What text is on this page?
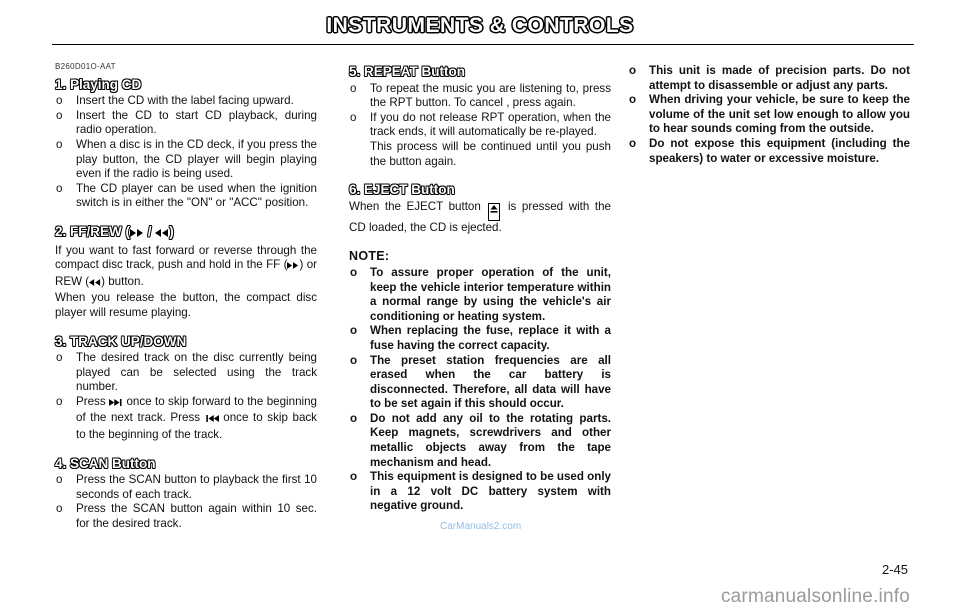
INSTRUMENTS & CONTROLS
B260D01O-AAT
1. Playing CD
o Insert the CD with the label facing upward.
o Insert the CD to start CD playback, during radio operation.
o When a disc is in the CD deck, if you press the play button, the CD player will begin playing even if the radio is being used.
o The CD player can be used when the ignition switch is in either the "ON" or "ACC" position.
2. FF/REW ( / )
If you want to fast forward or reverse through the compact disc track, push and hold in the FF ( ) or REW ( ) button.
When you release the button, the compact disc player will resume playing.
3. TRACK UP/DOWN
o The desired track on the disc currently being played can be selected using the track number.
o Press  once to skip forward to the beginning of the next track. Press  once to skip back to the beginning of the track.
4. SCAN Button
o Press the SCAN button to playback the first 10 seconds of each track.
o Press the SCAN button again within 10 sec. for the desired track.
5. REPEAT Button
o To repeat the music you are listening to, press the RPT button. To cancel , press again.
o If you do not release RPT operation, when the track ends, it will automatically be re-played.
This process will be continued until you push the button again.
6. EJECT Button
When the EJECT button  is pressed with the CD loaded, the CD is ejected.
NOTE:
o To assure proper operation of the unit, keep the vehicle interior temperature within a normal range by using the vehicle's air conditioning or heating system.
o When replacing the fuse, replace it with a fuse having the correct capacity.
o The preset station frequencies are all erased when the car battery is disconnected. Therefore, all data will have to be set again if this should occur.
o Do not add any oil to the rotating parts. Keep magnets, screwdrivers and other metallic objects away from the tape mechanism and head.
o This equipment is designed to be used only in a 12 volt DC battery system with negative ground.
o This unit is made of precision parts. Do not attempt to disassemble or adjust any parts.
o When driving your vehicle, be sure to keep the volume of the unit set low enough to allow you to hear sounds coming from the outside.
o Do not expose this equipment (including the speakers) to water or excessive moisture.
CarManuals2.com
2-45
carmanualsonline.info
